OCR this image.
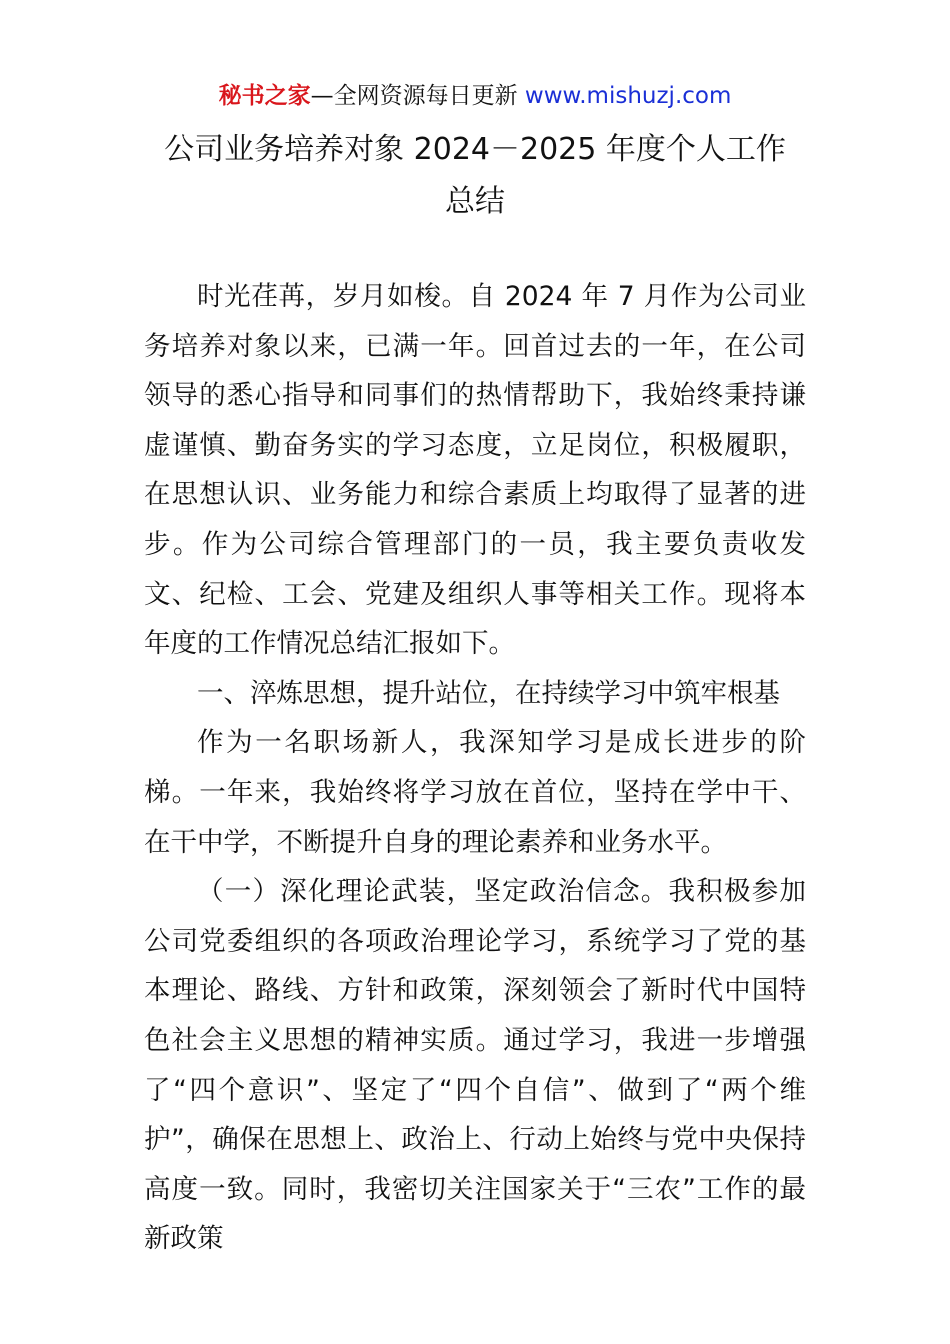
秘书之家—全网资源每日更新 www.mishuzj.com
公司业务培养对象 2024－2025 年度个人工作
总结

时光荏苒，岁月如梭。自 2024 年 7 月作为公司业务培养对象以来，已满一年。回首过去的一年，在公司领导的悉心指导和同事们的热情帮助下，我始终秉持谦虚谨慎、勤奋务实的学习态度，立足岗位，积极履职，在思想认识、业务能力和综合素质上均取得了显著的进步。作为公司综合管理部门的一员，我主要负责收发文、纪检、工会、党建及组织人事等相关工作。现将本年度的工作情况总结汇报如下。

一、淬炼思想，提升站位，在持续学习中筑牢根基

作为一名职场新人，我深知学习是成长进步的阶梯。一年来，我始终将学习放在首位，坚持在学中干、在干中学，不断提升自身的理论素养和业务水平。

（一）深化理论武装，坚定政治信念。我积极参加公司党委组织的各项政治理论学习，系统学习了党的基本理论、路线、方针和政策，深刻领会了新时代中国特色社会主义思想的精神实质。通过学习，我进一步增强了“四个意识”、坚定了“四个自信”、做到了“两个维护”，确保在思想上、政治上、行动上始终与党中央保持高度一致。同时，我密切关注国家关于“三农”工作的最新政策
